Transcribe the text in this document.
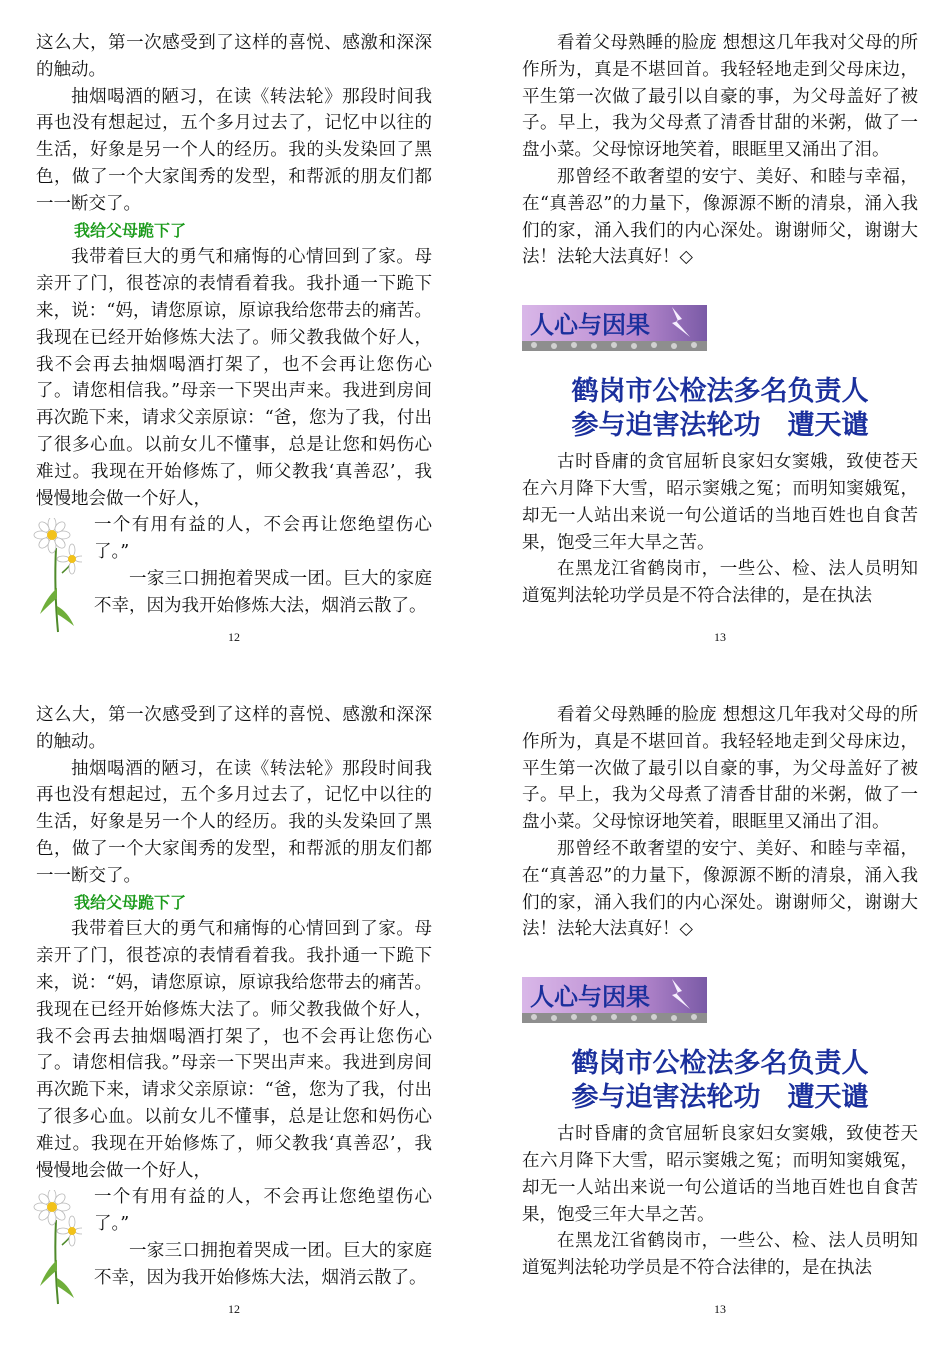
这么大，第一次感受到了这样的喜悦、感激和深深的触动。

抽烟喝酒的陋习，在读《转法轮》那段时间我再也没有想起过，五个多月过去了，记忆中以往的生活，好象是另一个人的经历。我的头发染回了黑色，做了一个大家闺秀的发型，和帮派的朋友们都一一断交了。

我给父母跪下了

我带着巨大的勇气和痛悔的心情回到了家。母亲开了门，很苍凉的表情看着我。我扑通一下跪下来，说：“妈，请您原谅，原谅我给您带去的痛苦。我现在已经开始修炼大法了。师父教我做个好人，我不会再去抽烟喝酒打架了，也不会再让您伤心了。请您相信我。”母亲一下哭出声来。我进到房间再次跪下来，请求父亲原谅：“爸，您为了我，付出了很多心血。以前女儿不懂事，总是让您和妈伤心难过。我现在开始修炼了，师父教我‘真善忍’，我慢慢地会做一个好人，

一个有用有益的人，不会再让您绝望伤心了。”

一家三口拥抱着哭成一团。巨大的家庭不幸，因为我开始修炼大法，烟消云散了。

12

看着父母熟睡的脸庞 想想这几年我对父母的所作所为，真是不堪回首。我轻轻地走到父母床边，平生第一次做了最引以自豪的事，为父母盖好了被子。早上，我为父母煮了清香甘甜的米粥，做了一盘小菜。父母惊讶地笑着，眼眶里又涌出了泪。

那曾经不敢奢望的安宁、美好、和睦与幸福，在“真善忍”的力量下，像源源不断的清泉，涌入我们的家，涌入我们的内心深处。谢谢师父，谢谢大法！法轮大法真好！◇

人心与因果
鹤岗市公检法多名负责人
参与迫害法轮功　遭天谴

古时昏庸的贪官屈斩良家妇女窦娥，致使苍天在六月降下大雪，昭示窦娥之冤；而明知窦娥冤，却无一人站出来说一句公道话的当地百姓也自食苦果，饱受三年大旱之苦。

在黑龙江省鹤岗市，一些公、检、法人员明知道冤判法轮功学员是不符合法律的，是在执法

13

这么大，第一次感受到了这样的喜悦、感激和深深的触动。

抽烟喝酒的陋习，在读《转法轮》那段时间我再也没有想起过，五个多月过去了，记忆中以往的生活，好象是另一个人的经历。我的头发染回了黑色，做了一个大家闺秀的发型，和帮派的朋友们都一一断交了。

我给父母跪下了

我带着巨大的勇气和痛悔的心情回到了家。母亲开了门，很苍凉的表情看着我。我扑通一下跪下来，说：“妈，请您原谅，原谅我给您带去的痛苦。我现在已经开始修炼大法了。师父教我做个好人，我不会再去抽烟喝酒打架了，也不会再让您伤心了。请您相信我。”母亲一下哭出声来。我进到房间再次跪下来，请求父亲原谅：“爸，您为了我，付出了很多心血。以前女儿不懂事，总是让您和妈伤心难过。我现在开始修炼了，师父教我‘真善忍’，我慢慢地会做一个好人，

一个有用有益的人，不会再让您绝望伤心了。”

一家三口拥抱着哭成一团。巨大的家庭不幸，因为我开始修炼大法，烟消云散了。

12

看着父母熟睡的脸庞 想想这几年我对父母的所作所为，真是不堪回首。我轻轻地走到父母床边，平生第一次做了最引以自豪的事，为父母盖好了被子。早上，我为父母煮了清香甘甜的米粥，做了一盘小菜。父母惊讶地笑着，眼眶里又涌出了泪。

那曾经不敢奢望的安宁、美好、和睦与幸福，在“真善忍”的力量下，像源源不断的清泉，涌入我们的家，涌入我们的内心深处。谢谢师父，谢谢大法！法轮大法真好！◇

人心与因果
鹤岗市公检法多名负责人
参与迫害法轮功　遭天谴

古时昏庸的贪官屈斩良家妇女窦娥，致使苍天在六月降下大雪，昭示窦娥之冤；而明知窦娥冤，却无一人站出来说一句公道话的当地百姓也自食苦果，饱受三年大旱之苦。

在黑龙江省鹤岗市，一些公、检、法人员明知道冤判法轮功学员是不符合法律的，是在执法

13
